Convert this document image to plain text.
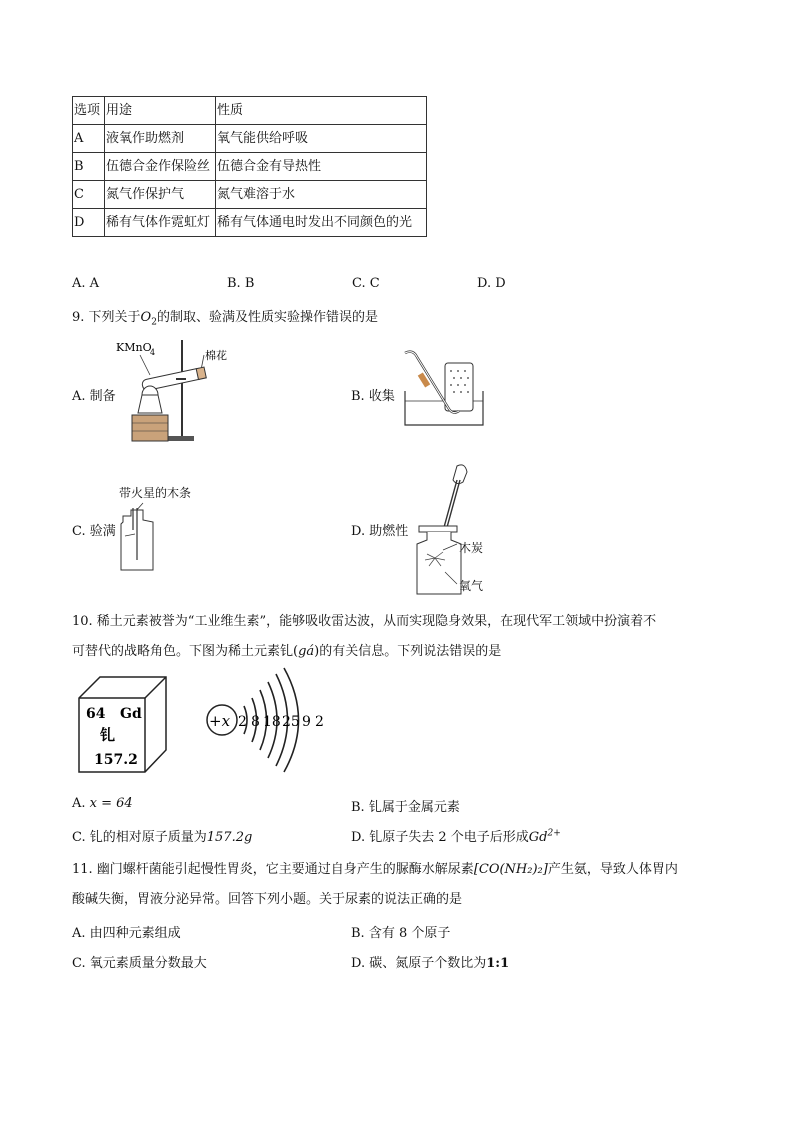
选项	用途	性质
A	液氧作助燃剂	氧气能供给呼吸
B	伍德合金作保险丝	伍德合金有导热性
C	氮气作保护气	氮气难溶于水
D	稀有气体作霓虹灯	稀有气体通电时发出不同颜色的光
A. A	B. B	C. C	D. D
9. 下列关于$O_2$的制取、验满及性质实验操作错误的是
A. 制备
KMnO
4	棉花
B. 收集
C. 验满
带火星的木条
D. 助燃性
木炭
氧气
10. 稀土元素被誉为“工业维生素”，能够吸收雷达波，从而实现隐身效果，在现代军工领域中扮演着不
可替代的战略角色。下图为稀土元素钆(gá)的有关信息。下列说法错误的是
64 Gd
钆
157.2
+x 2 8 18 25 9 2
A. x = 64	B. 钆属于金属元素
C. 钆的相对原子质量为157.2g	D. 钆原子失去 2 个电子后形成$Gd^{2+}$
11. 幽门螺杆菌能引起慢性胃炎，它主要通过自身产生的脲酶水解尿素[CO(NH₂)₂]产生氨，导致人体胃内
酸碱失衡，胃液分泌异常。回答下列小题。关于尿素的说法正确的是
A. 由四种元素组成	B. 含有 8 个原子
C. 氧元素质量分数最大	D. 碳、氮原子个数比为1:1
